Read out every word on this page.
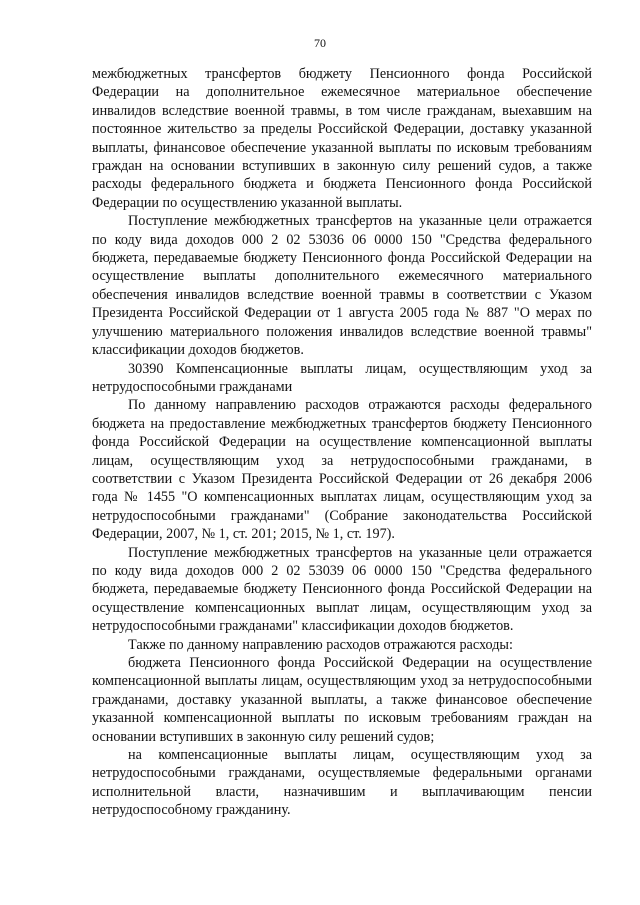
70

межбюджетных трансфертов бюджету Пенсионного фонда Российской Федерации на дополнительное ежемесячное материальное обеспечение инвалидов вследствие военной травмы, в том числе гражданам, выехавшим на постоянное жительство за пределы Российской Федерации, доставку указанной выплаты, финансовое обеспечение указанной выплаты по исковым требованиям граждан на основании вступивших в законную силу решений судов, а также расходы федерального бюджета и бюджета Пенсионного фонда Российской Федерации по осуществлению указанной выплаты.

Поступление межбюджетных трансфертов на указанные цели отражается по коду вида доходов 000 2 02 53036 06 0000 150 "Средства федерального бюджета, передаваемые бюджету Пенсионного фонда Российской Федерации на осуществление выплаты дополнительного ежемесячного материального обеспечения инвалидов вследствие военной травмы в соответствии с Указом Президента Российской Федерации от 1 августа 2005 года № 887 "О мерах по улучшению материального положения инвалидов вследствие военной травмы" классификации доходов бюджетов.

30390 Компенсационные выплаты лицам, осуществляющим уход за нетрудоспособными гражданами

По данному направлению расходов отражаются расходы федерального бюджета на предоставление межбюджетных трансфертов бюджету Пенсионного фонда Российской Федерации на осуществление компенсационной выплаты лицам, осуществляющим уход за нетрудоспособными гражданами, в соответствии с Указом Президента Российской Федерации от 26 декабря 2006 года № 1455 "О компенсационных выплатах лицам, осуществляющим уход за нетрудоспособными гражданами" (Собрание законодательства Российской Федерации, 2007, № 1, ст. 201; 2015, № 1, ст. 197).

Поступление межбюджетных трансфертов на указанные цели отражается по коду вида доходов 000 2 02 53039 06 0000 150 "Средства федерального бюджета, передаваемые бюджету Пенсионного фонда Российской Федерации на осуществление компенсационных выплат лицам, осуществляющим уход за нетрудоспособными гражданами" классификации доходов бюджетов.

Также по данному направлению расходов отражаются расходы:

бюджета Пенсионного фонда Российской Федерации на осуществление компенсационной выплаты лицам, осуществляющим уход за нетрудоспособными гражданами, доставку указанной выплаты, а также финансовое обеспечение указанной компенсационной выплаты по исковым требованиям граждан на основании вступивших в законную силу решений судов;

на компенсационные выплаты лицам, осуществляющим уход за нетрудоспособными гражданами, осуществляемые федеральными органами исполнительной власти, назначившим и выплачивающим пенсии нетрудоспособному гражданину.
